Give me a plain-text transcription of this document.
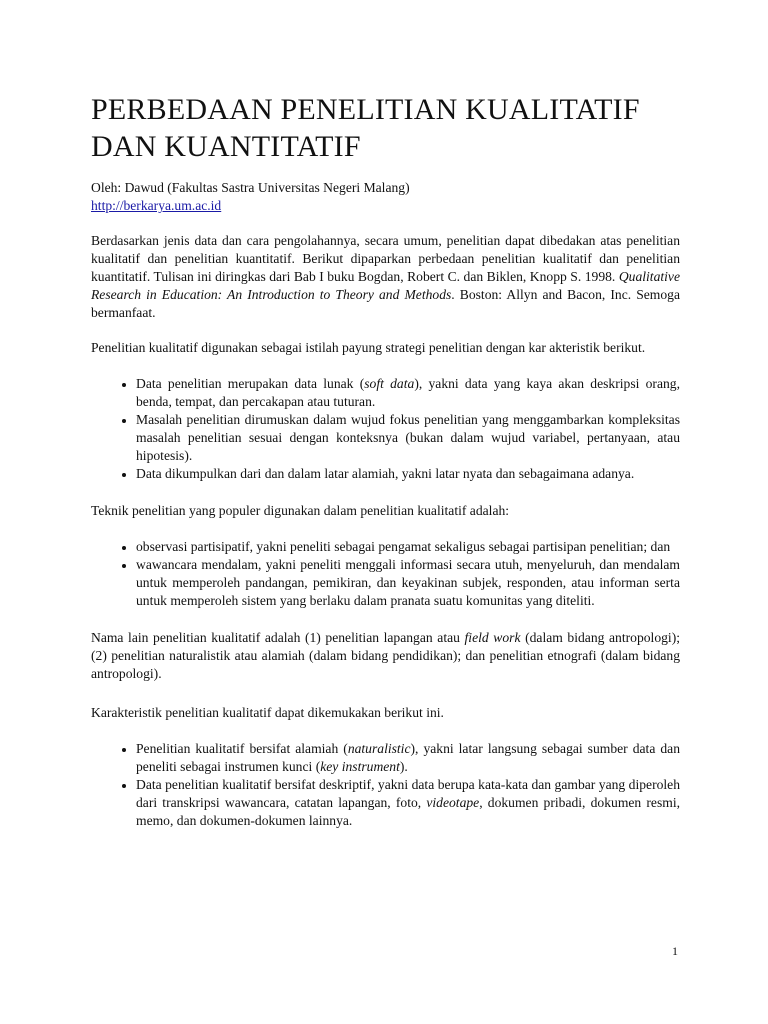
PERBEDAAN PENELITIAN KUALITATIF DAN KUANTITATIF

Oleh: Dawud (Fakultas Sastra Universitas Negeri Malang)

http://berkarya.um.ac.id

Berdasarkan jenis data dan cara pengolahannya, secara umum, penelitian dapat dibedakan atas penelitian kualitatif dan penelitian kuantitatif. Berikut dipaparkan perbedaan penelitian kualitatif dan penelitian kuantitatif. Tulisan ini diringkas dari Bab I buku Bogdan, Robert C. dan Biklen, Knopp S. 1998. Qualitative Research in Education: An Introduction to Theory and Methods. Boston: Allyn and Bacon, Inc. Semoga bermanfaat.

Penelitian kualitatif digunakan sebagai istilah payung strategi penelitian dengan kar akteristik berikut.

• Data penelitian merupakan data lunak (soft data), yakni data yang kaya akan deskripsi orang, benda, tempat, dan percakapan atau tuturan.
• Masalah penelitian dirumuskan dalam wujud fokus penelitian yang menggambarkan kompleksitas masalah penelitian sesuai dengan konteksnya (bukan dalam wujud variabel, pertanyaan, atau hipotesis).
• Data dikumpulkan dari dan dalam latar alamiah, yakni latar nyata dan sebagaimana adanya.

Teknik penelitian yang populer digunakan dalam penelitian kualitatif adalah:

• observasi partisipatif, yakni peneliti sebagai pengamat sekaligus sebagai partisipan penelitian; dan
• wawancara mendalam, yakni peneliti menggali informasi secara utuh, menyeluruh, dan mendalam untuk memperoleh pandangan, pemikiran, dan keyakinan subjek, responden, atau informan serta untuk memperoleh sistem yang berlaku dalam pranata suatu komunitas yang diteliti.

Nama lain penelitian kualitatif adalah (1) penelitian lapangan atau field work (dalam bidang antropologi); (2) penelitian naturalistik atau alamiah (dalam bidang pendidikan); dan penelitian etnografi (dalam bidang antropologi).

Karakteristik penelitian kualitatif dapat dikemukakan berikut ini.

• Penelitian kualitatif bersifat alamiah (naturalistic), yakni latar langsung sebagai sumber data dan peneliti sebagai instrumen kunci (key instrument).
• Data penelitian kualitatif bersifat deskriptif, yakni data berupa kata-kata dan gambar yang diperoleh dari transkripsi wawancara, catatan lapangan, foto, videotape, dokumen pribadi, dokumen resmi, memo, dan dokumen-dokumen lainnya.
1
